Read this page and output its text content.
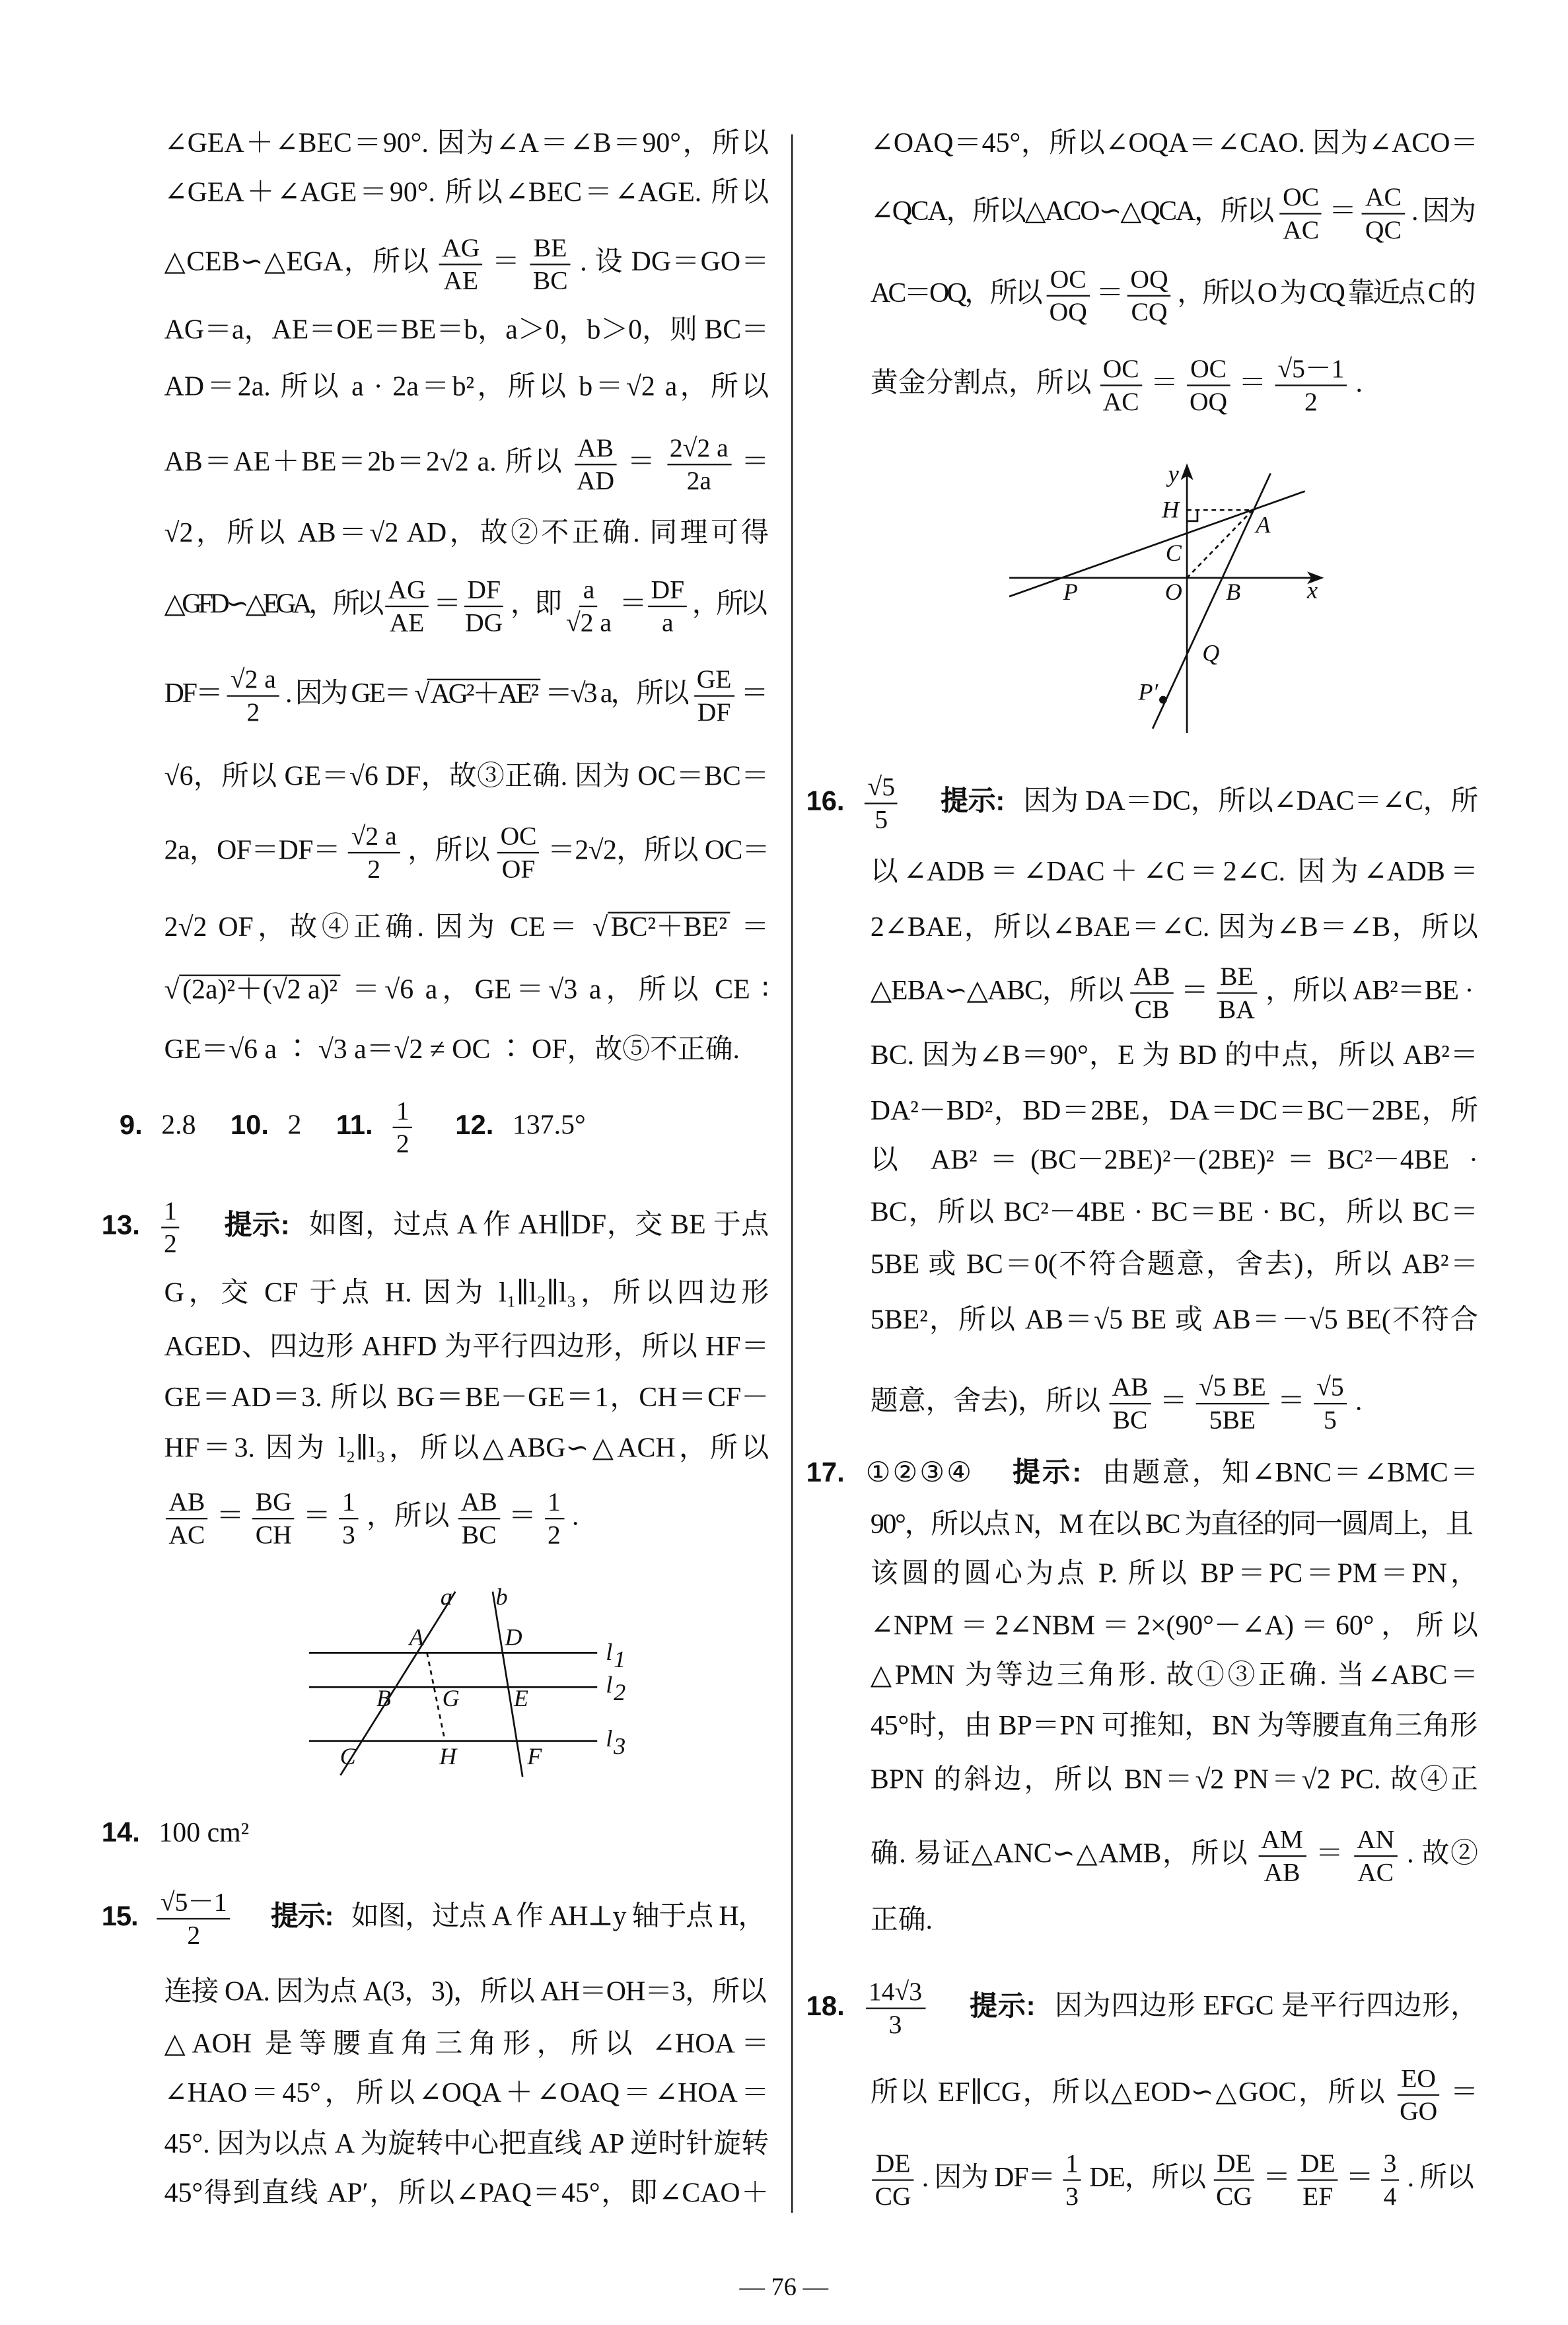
∠GEA＋∠BEC＝90°. 因为∠A＝∠B＝90°，所以
∠GEA＋∠AGE＝90°. 所以∠BEC＝∠AGE. 所以
△CEB∽△EGA，所以 $\frac{AG}{AE} = \frac{BE}{BC}$ . 设 DG＝GO＝
AG＝a，AE＝OE＝BE＝b，a＞0，b＞0，则 BC＝
AD＝2a. 所以 a · 2a＝b²，所以 b＝√2 a，所以
AB＝AE＋BE＝2b＝2√2 a. 所以 $\frac{AB}{AD} = \frac{2√2 a}{2a}$ ＝
√2，所以 AB＝√2 AD，故②不正确. 同理可得
△GFD∽△EGA，所以 $\frac{AG}{AE} = \frac{DF}{DG}$ ，即 $\frac{a}{√2 a} = \frac{DF}{a}$ ，所以
$DF= \frac{√2 a}{2}$ . 因为 GE＝ √ AG²＋AE² ＝√3 a，所以 $\frac{GE}{DF}$ ＝
√6，所以 GE＝√6 DF，故③正确. 因为 OC＝BC＝
2a，$OF=DF= \frac{√2 a}{2}$ ，所以 $\frac{OC}{OF} =2√2$，所以 OC＝
2√2 OF，故④正确. 因为 CE＝ √ BC²＋BE² ＝
√ (2a)²＋(√2 a)² ＝√6 a，GE＝√3 a，所以 CE ∶
GE＝√6 a ∶ √3 a＝√2 ≠ OC ∶ OF，故⑤不正确.
9. 2.8　 10. 2　 11. $\frac{1}{2}$
　	12. 137.5°
13. $\frac{1}{2}$
　	提示: 如图，过点 A 作 AH∥DF，交 BE 于点
G，交 CF 于点 H. 因为 l₁∥l₂∥l₃，所以四边形
AGED、四边形 AHFD 为平行四边形，所以 HF＝
GE＝AD＝3. 所以 BG＝BE－GE＝1，CH＝CF－
HF＝3. 因为 l₂∥l₃，所以△ABG∽△ACH，所以
$\frac{AB}{AC} = \frac{BG}{CH} = \frac{1}{3}$ ，所以 $\frac{AB}{BC} = \frac{1}{2}$ .
14. 100 cm²
15. $\frac{√5-1}{2}$
　	提示: 如图，过点 A 作 AH⊥y 轴于点 H，
连接 OA. 因为点 A(3，3)，所以 AH＝OH＝3，所以
△AOH 是等腰直角三角形，所以 ∠HOA＝
∠HAO＝45°，所以∠OQA＋∠OAQ＝∠HOA＝
45°. 因为以点 A 为旋转中心把直线 AP 逆时针旋转
45°得到直线 AP′，所以∠PAQ＝45°，即∠CAO＋
∠OAQ＝45°，所以∠OQA＝∠CAO. 因为∠ACO＝
∠QCA，所以△ACO∽△QCA，所以 $\frac{OC}{AC} = \frac{AC}{QC}$ . 因为
AC＝OQ，所以 $\frac{OC}{OQ} = \frac{OQ}{CQ}$ ，所以 O 为 CQ 靠近点 C 的
黄金分割点，所以 $\frac{OC}{AC} = \frac{OC}{OQ} = \frac{√5-1}{2}$ .
16. $\frac{√5}{5}$
　	提示: 因为 DA＝DC，所以∠DAC＝∠C，所
以∠ADB＝∠DAC＋∠C＝2∠C. 因为∠ADB＝
2∠BAE，所以∠BAE＝∠C. 因为∠B＝∠B，所以
△EBA∽△ABC，所以 $\frac{AB}{CB} = \frac{BE}{BA}$ ，所以 AB²＝BE ·
BC. 因为∠B＝90°，E 为 BD 的中点，所以 AB²＝
DA²－BD²，BD＝2BE，DA＝DC＝BC－2BE，所
以 AB²＝(BC－2BE)²－(2BE)²＝BC²－4BE ·
BC，所以 BC²－4BE · BC＝BE · BC，所以 BC＝
5BE 或 BC＝0(不符合题意，舍去)，所以 AB²＝
5BE²，所以 AB＝√5 BE 或 AB＝－√5 BE(不符合
题意，舍去)，所以 $\frac{AB}{BC} = \frac{√5 BE}{5BE} = \frac{√5}{5}$ .
17. ①②③④　 提示: 由题意，知∠BNC＝∠BMC＝
90°，所以点 N，M 在以 BC 为直径的同一圆周上，且
该圆的圆心为点 P. 所以 BP＝PC＝PM＝PN，
∠NPM＝2∠NBM＝2×(90°－∠A)＝60°，所以
△PMN 为等边三角形. 故①③正确. 当∠ABC＝
45°时，由 BP＝PN 可推知，BN 为等腰直角三角形
BPN 的斜边，所以 BN＝√2 PN＝√2 PC. 故④正
确. 易证△ANC∽△AMB，所以 $\frac{AM}{AB} = \frac{AN}{AC}$ . 故②
正确.
18. $\frac{14√3}{3}$
　	提示: 因为四边形 EFGC 是平行四边形，
所以 EF∥CG，所以△EOD∽△GOC，所以 $\frac{EO}{GO}$ ＝
$\frac{DE}{CG}$ . 因为 $DF= \frac{1}{3}$ DE，所以 $\frac{DE}{CG} = \frac{DE}{EF} = \frac{3}{4}$ . 所以
a	b
A	D
B	G	E
C	H	F
l 1
l 2
l 3
y
H
A
C
P	O	B	x
Q
P′
— 76 —
